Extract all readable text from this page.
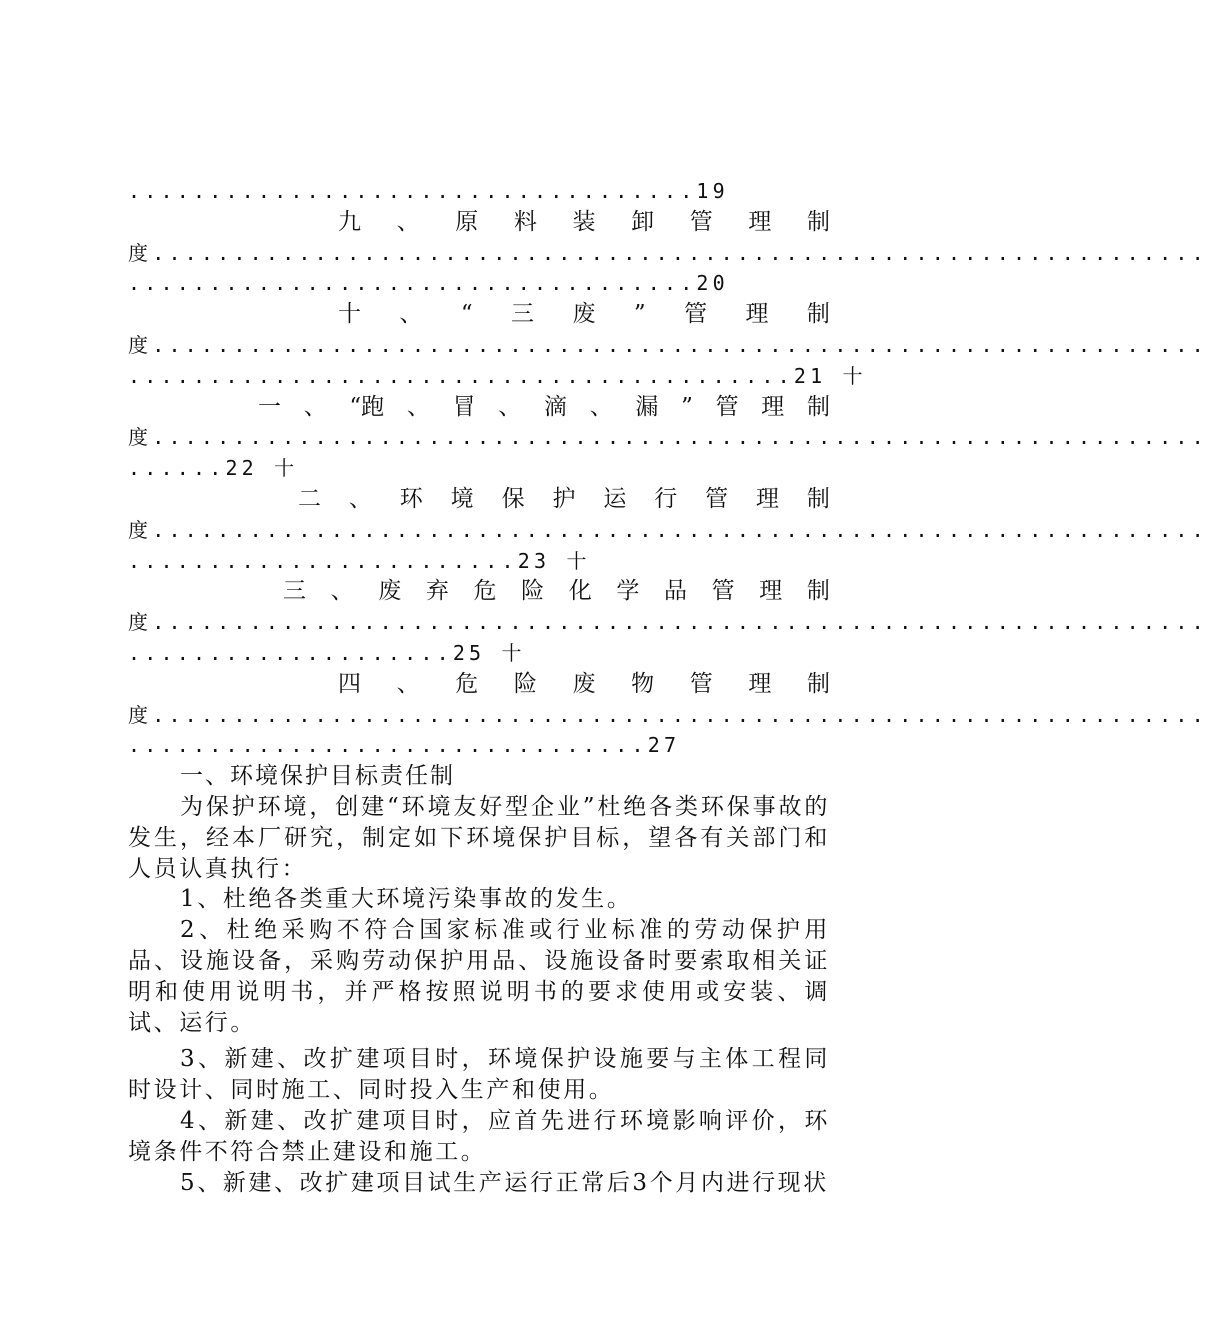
...................................19
九 、 原 料 装 卸 管 理 制
度.................................................................
...................................20
十 、 “ 三 废 ” 管 理 制
度.................................................................
.........................................21 十
一 、 “跑 、 冒 、 滴 、 漏 ” 管 理 制
度.................................................................
......22 十
二 、 环 境 保 护 运 行 管 理 制
度.................................................................
........................23 十
三 、 废 弃 危 险 化 学 品 管 理 制
度.................................................................
....................25 十
四 、 危 险 废 物 管 理 制
度.................................................................
................................27
一、环境保护目标责任制

为保护环境，创建“环境友好型企业”杜绝各类环保事故的发生，经本厂研究，制定如下环境保护目标，望各有关部门和人员认真执行：

1、杜绝各类重大环境污染事故的发生。

2、杜绝采购不符合国家标准或行业标准的劳动保护用品、设施设备，采购劳动保护用品、设施设备时要索取相关证明和使用说明书，并严格按照说明书的要求使用或安装、调试、运行。

3、新建、改扩建项目时，环境保护设施要与主体工程同时设计、同时施工、同时投入生产和使用。

4、新建、改扩建项目时，应首先进行环境影响评价，环境条件不符合禁止建设和施工。

5、新建、改扩建项目试生产运行正常后3个月内进行现状
